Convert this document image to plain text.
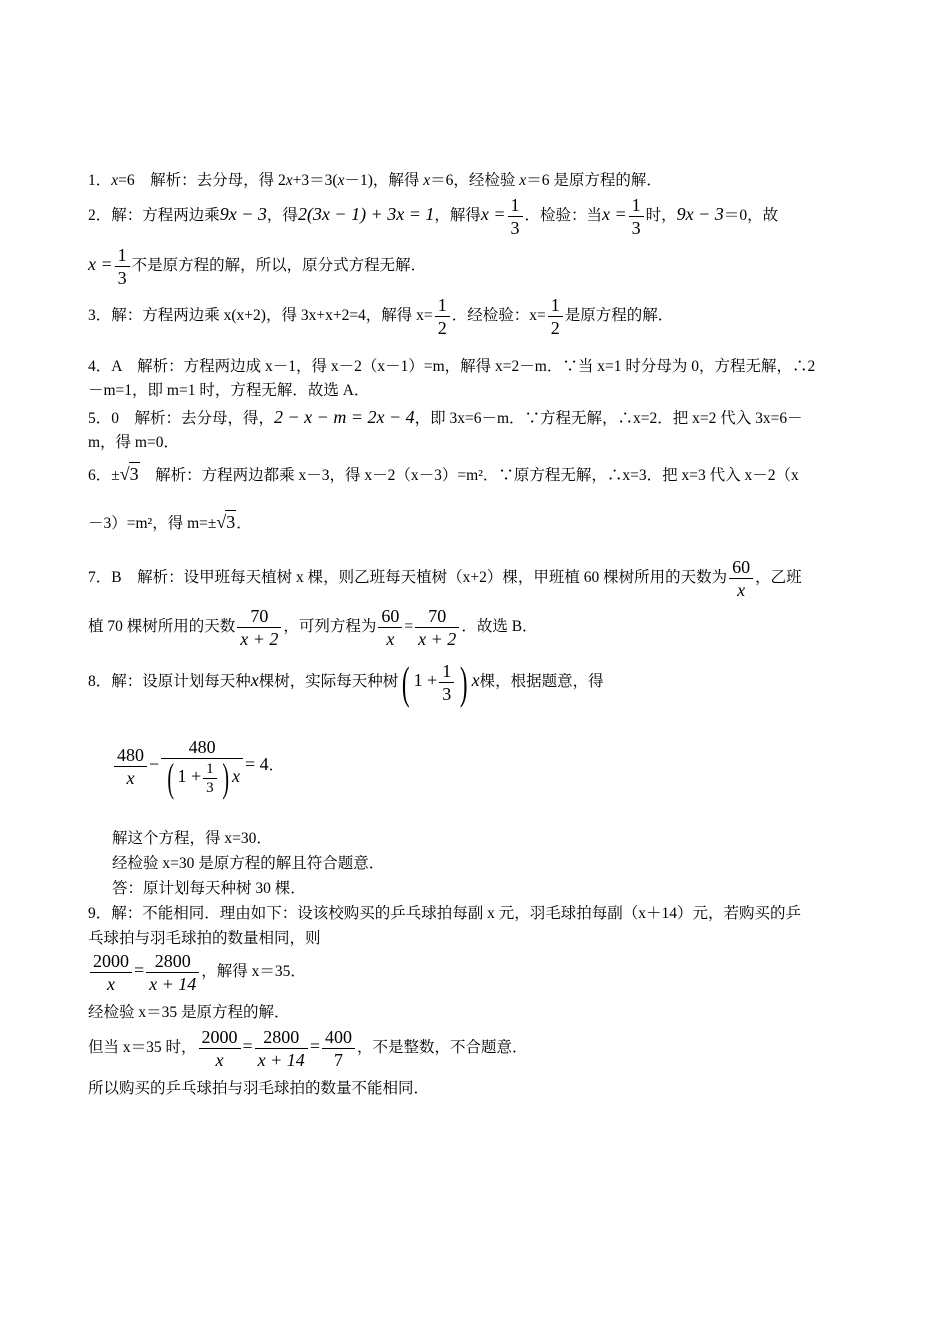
1．x=6　解析：去分母，得 2x+3＝3(x－1)，解得 x＝6，经检验 x＝6 是原方程的解．
2．解：方程两边乘9x − 3，得2(3x − 1) + 3x = 1，解得$x = \frac{1}{3}$ ．检验：当$x = \frac{1}{3}$ 时，9x − 3＝0，故
$x = \frac{1}{3}$ 不是原方程的解，所以，原分式方程无解．
3．解：方程两边乘 x(x+2)，得 3x+x+2=4，解得 $x= \frac{1}{2}$ ．经检验：$x= \frac{1}{2}$ 是原方程的解．
4．A　解析：方程两边成 x－1，得 x－2（x－1）=m，解得 x=2－m．∵当 x=1 时分母为 0，方程无解，∴2
－m=1，即 m=1 时，方程无解．故选 A．
5．0　解析：去分母，得，2 − x − m = 2x − 4，即 3x=6－m．∵方程无解，∴x=2．把 x=2 代入 3x=6－
m，得 m=0．
6．±√3　解析：方程两边都乘 x－3，得 x－2（x－3）=m²．∵原方程无解，∴x=3．把 x=3 代入 x－2（x
－3）=m²，得 m=±√3．
7．B　解析：设甲班每天植树 x 棵，则乙班每天植树（x+2）棵，甲班植 60 棵树所用的天数为 $\frac{60}{x}$ ，乙班
植 70 棵树所用的天数 $\frac{70}{x + 2}$ ，可列方程为 $\frac{60}{x} = \frac{70}{x + 2}$ ．故选 B．
8．解：设原计划每天种x棵树，实际每天种树( $1 + \frac{1}{3}$ ) x棵，根据题意，得
$\frac{480}{x} - \frac{480}{( 1 + \frac{1}{3} ) x} = 4$．
解这个方程，得 x=30．
经检验 x=30 是原方程的解且符合题意．
答：原计划每天种树 30 棵．
9．解：不能相同．理由如下：设该校购买的乒乓球拍每副 x 元，羽毛球拍每副（x＋14）元，若购买的乒
乓球拍与羽毛球拍的数量相同，则
$\frac{2000}{x} = \frac{2800}{x + 14}$ ，解得 x＝35．
经检验 x＝35 是原方程的解．
但当 x＝35 时， $\frac{2000}{x} = \frac{2800}{x + 14} = \frac{400}{7}$ ，不是整数，不合题意．
所以购买的乒乓球拍与羽毛球拍的数量不能相同．
